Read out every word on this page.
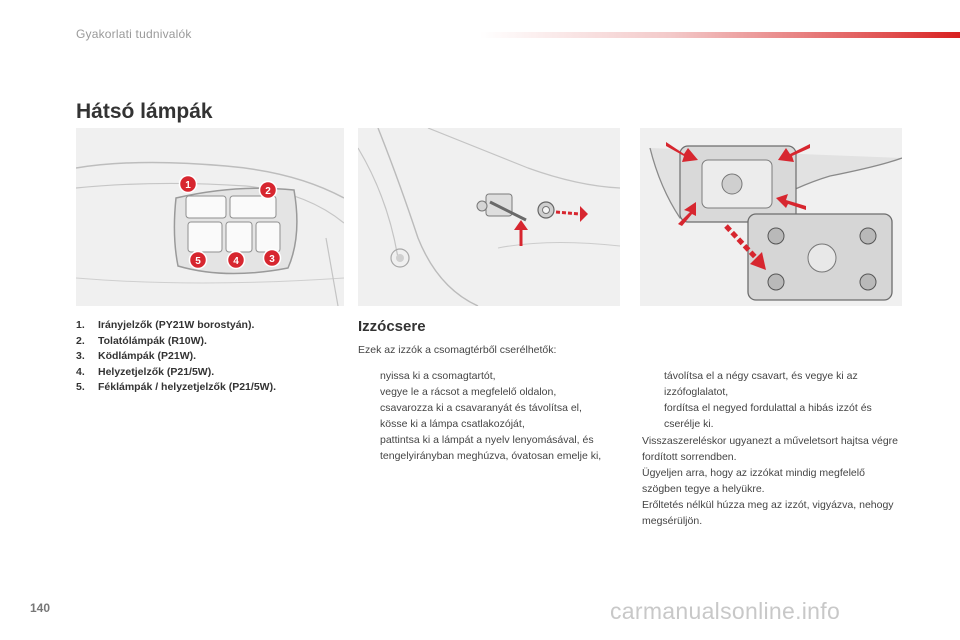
Gyakorlati tudnivalók
Hátsó lámpák
1
2
3
4
5
1. Irányjelzők (PY21W borostyán).
2. Tolatólámpák (R10W).
3. Ködlámpák (P21W).
4. Helyzetjelzők (P21/5W).
5. Féklámpák / helyzetjelzők (P21/5W).
Izzócsere
Ezek az izzók a csomagtérből cserélhetők:
nyissa ki a csomagtartót,
vegye le a rácsot a megfelelő oldalon,
csavarozza ki a csavaranyát és távolítsa el,
kösse ki a lámpa csatlakozóját,
pattintsa ki a lámpát a nyelv lenyomásával, és tengelyirányban meghúzva, óvatosan emelje ki,
távolítsa el a négy csavart, és vegye ki az izzófoglalatot,
fordítsa el negyed fordulattal a hibás izzót és cserélje ki.

Visszaszereléskor ugyanezt a műveletsort hajtsa végre fordított sorrendben.

Ügyeljen arra, hogy az izzókat mindig megfelelő szögben tegye a helyükre.

Erőltetés nélkül húzza meg az izzót, vigyázva, nehogy megsérüljön.

140	carmanualsonline.info
